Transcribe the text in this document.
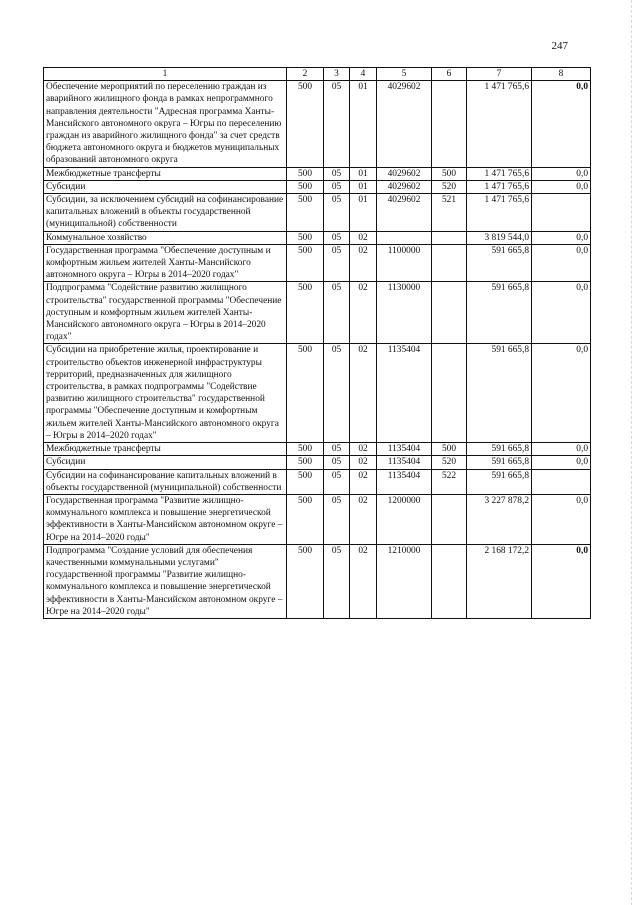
247
1	2	3	4	5	6	7	8
Обеспечение мероприятий по переселению граждан из аварийного жилищного фонда в рамках непрограммного направления деятельности "Адресная программа Ханты-Мансийского автономного округа – Югры по переселению граждан из аварийного жилищного фонда" за счет средств бюджета автономного округа и бюджетов муниципальных образований автономного округа	500	05	01	4029602		1 471 765,6	0,0
Межбюджетные трансферты	500	05	01	4029602	500	1 471 765,6	0,0
Субсидии	500	05	01	4029602	520	1 471 765,6	0,0
Субсидии, за исключением субсидий на софинансирование капитальных вложений в объекты государственной (муниципальной) собственности	500	05	01	4029602	521	1 471 765,6	
Коммунальное хозяйство	500	05	02			3 819 544,0	0,0
Государственная программа "Обеспечение доступным и комфортным жильем жителей Ханты-Мансийского автономного округа – Югры в 2014–2020 годах"	500	05	02	1100000		591 665,8	0,0
Подпрограмма "Содействие развитию жилищного строительства" государственной программы "Обеспечение доступным и комфортным жильем жителей Ханты-Мансийского автономного округа – Югры в 2014–2020 годах"	500	05	02	1130000		591 665,8	0,0
Субсидии на приобретение жилья, проектирование и строительство объектов инженерной инфраструктуры территорий, предназначенных для жилищного строительства, в рамках подпрограммы "Содействие развитию жилищного строительства" государственной программы "Обеспечение доступным и комфортным жильем жителей Ханты-Мансийского автономного округа – Югры в 2014–2020 годах"	500	05	02	1135404		591 665,8	0,0
Межбюджетные трансферты	500	05	02	1135404	500	591 665,8	0,0
Субсидии	500	05	02	1135404	520	591 665,8	0,0
Субсидии на софинансирование капитальных вложений в объекты государственной (муниципальной) собственности	500	05	02	1135404	522	591 665,8	
Государственная программа "Развитие жилищно-коммунального комплекса и повышение энергетической эффективности в Ханты-Мансийском автономном округе – Югре на 2014–2020 годы"	500	05	02	1200000		3 227 878,2	0,0
Подпрограмма "Создание условий для обеспечения качественными коммунальными услугами" государственной программы "Развитие жилищно-коммунального комплекса и повышение энергетической эффективности в Ханты-Мансийском автономном округе – Югре на 2014–2020 годы"	500	05	02	1210000		2 168 172,2	0,0
